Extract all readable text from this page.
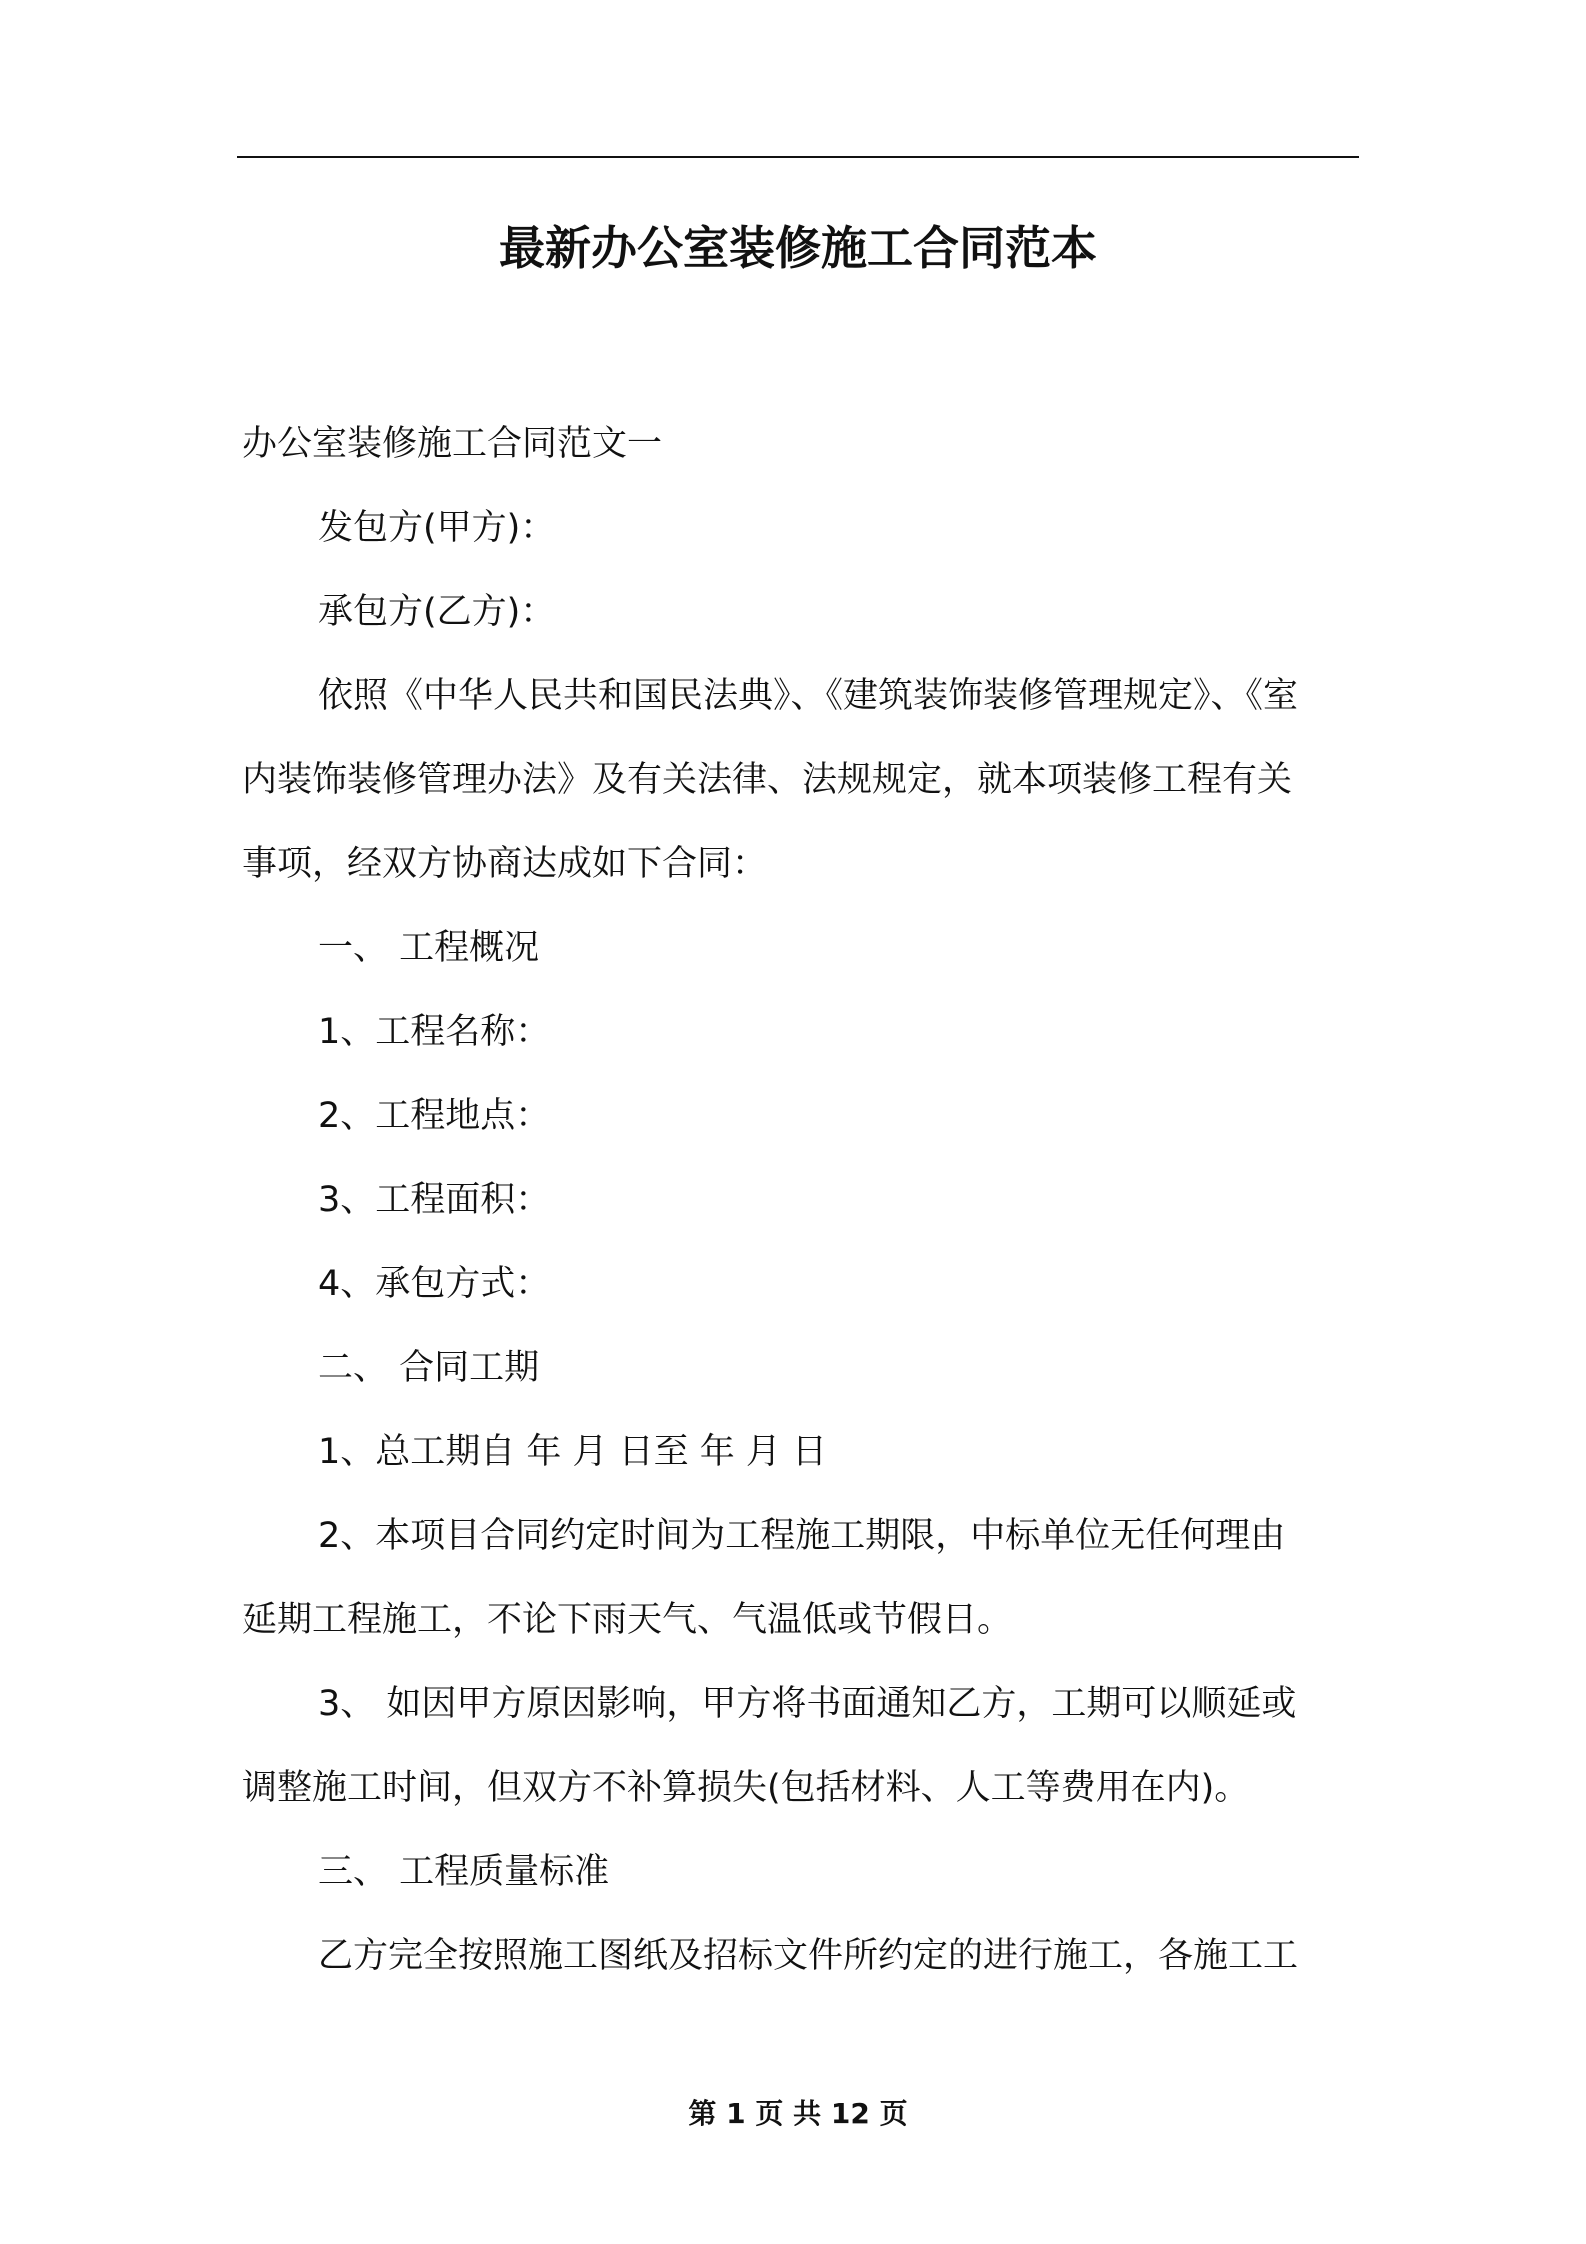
最新办公室装修施工合同范本
办公室装修施工合同范文一
发包方(甲方)：
承包方(乙方)：
依照《中华人民共和国民法典》、《建筑装饰装修管理规定》、《室
内装饰装修管理办法》及有关法律、法规规定，就本项装修工程有关
事项，经双方协商达成如下合同：
一、 工程概况
1、工程名称：
2、工程地点：
3、工程面积：
4、承包方式：
二、 合同工期
1、总工期自 年 月 日至 年 月 日
2、本项目合同约定时间为工程施工期限，中标单位无任何理由
延期工程施工，不论下雨天气、气温低或节假日。
3、 如因甲方原因影响，甲方将书面通知乙方，工期可以顺延或
调整施工时间，但双方不补算损失(包括材料、人工等费用在内)。
三、 工程质量标准
乙方完全按照施工图纸及招标文件所约定的进行施工，各施工工
第 1 页 共 12 页
